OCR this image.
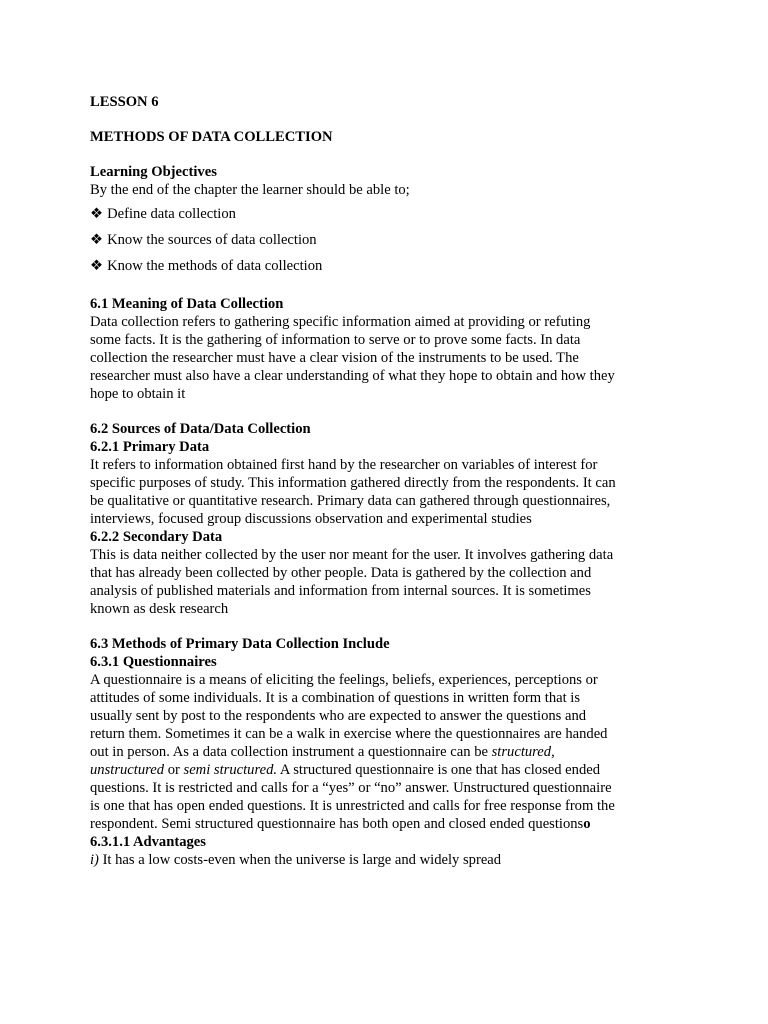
LESSON 6

METHODS OF DATA COLLECTION

Learning Objectives

By the end of the chapter the learner should be able to;

❖ Define data collection

❖ Know the sources of data collection

❖ Know the methods of data collection

6.1 Meaning of Data Collection

Data collection refers to gathering specific information aimed at providing or refuting some facts. It is the gathering of information to serve or to prove some facts. In data collection the researcher must have a clear vision of the instruments to be used. The researcher must also have a clear understanding of what they hope to obtain and how they hope to obtain it

6.2 Sources of Data/Data Collection

6.2.1 Primary Data

It refers to information obtained first hand by the researcher on variables of interest for specific purposes of study. This information gathered directly from the respondents. It can be qualitative or quantitative research. Primary data can gathered through questionnaires, interviews, focused group discussions observation and experimental studies

6.2.2 Secondary Data

This is data neither collected by the user nor meant for the user. It involves gathering data that has already been collected by other people. Data is gathered by the collection and analysis of published materials and information from internal sources. It is sometimes known as desk research

6.3 Methods of Primary Data Collection Include

6.3.1 Questionnaires

A questionnaire is a means of eliciting the feelings, beliefs, experiences, perceptions or attitudes of some individuals. It is a combination of questions in written form that is usually sent by post to the respondents who are expected to answer the questions and return them. Sometimes it can be a walk in exercise where the questionnaires are handed out in person. As a data collection instrument a questionnaire can be structured, unstructured or semi structured. A structured questionnaire is one that has closed ended questions. It is restricted and calls for a “yes” or “no” answer. Unstructured questionnaire is one that has open ended questions. It is unrestricted and calls for free response from the respondent. Semi structured questionnaire has both open and closed ended questionso

6.3.1.1 Advantages

i) It has a low costs-even when the universe is large and widely spread
